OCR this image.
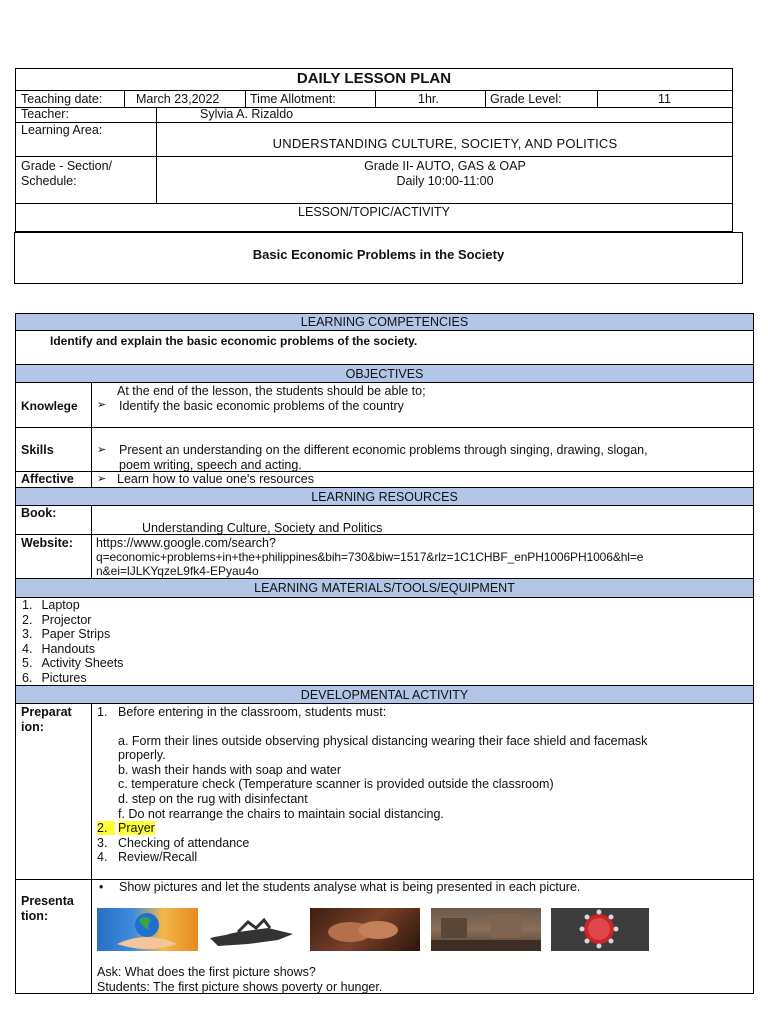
DAILY LESSON PLAN
Teaching date:	March 23,2022 Time Allotment:	1hr.	Grade Level:	11
Teacher:	Sylvia A. Rizaldo
Learning Area:
UNDERSTANDING CULTURE, SOCIETY, AND POLITICS
Grade - Section/
Schedule:
Grade II- AUTO, GAS & OAP
Daily 10:00-11:00
LESSON/TOPIC/ACTIVITY
Basic Economic Problems in the Society
LEARNING COMPETENCIES
Identify and explain the basic economic problems of the society.
OBJECTIVES
At the end of the lesson, the students should be able to;
Knowlege ➢ Identify the basic economic problems of the country
Skills	➢ Present an understanding on the different economic problems through singing, drawing, slogan,
poem writing, speech and acting.
Affective ➢ Learn how to value one's resources
LEARNING RESOURCES
Book:
Understanding Culture, Society and Politics
Website: https://www.google.com/search?
q=economic+problems+in+the+philippines&bih=730&biw=1517&rlz=1C1CHBF_enPH1006PH1006&hl=e
n&ei=lJLKYqzeL9fk4-EPyau4o
LEARNING MATERIALS/TOOLS/EQUIPMENT
1. Laptop
2. Projector
3. Paper Strips
4. Handouts
5. Activity Sheets
6. Pictures
DEVELOPMENTAL ACTIVITY
Preparat
ion:
1. Before entering in the classroom, students must:
a. Form their lines outside observing physical distancing wearing their face shield and facemask
properly.
b. wash their hands with soap and water
c. temperature check (Temperature scanner is provided outside the classroom)
d. step on the rug with disinfectant
f. Do not rearrange the chairs to maintain social distancing.
2. Prayer
3. Checking of attendance
4. Review/Recall
Presenta
tion:
• Show pictures and let the students analyse what is being presented in each picture.
Ask: What does the first picture shows?
Students: The first picture shows poverty or hunger.
